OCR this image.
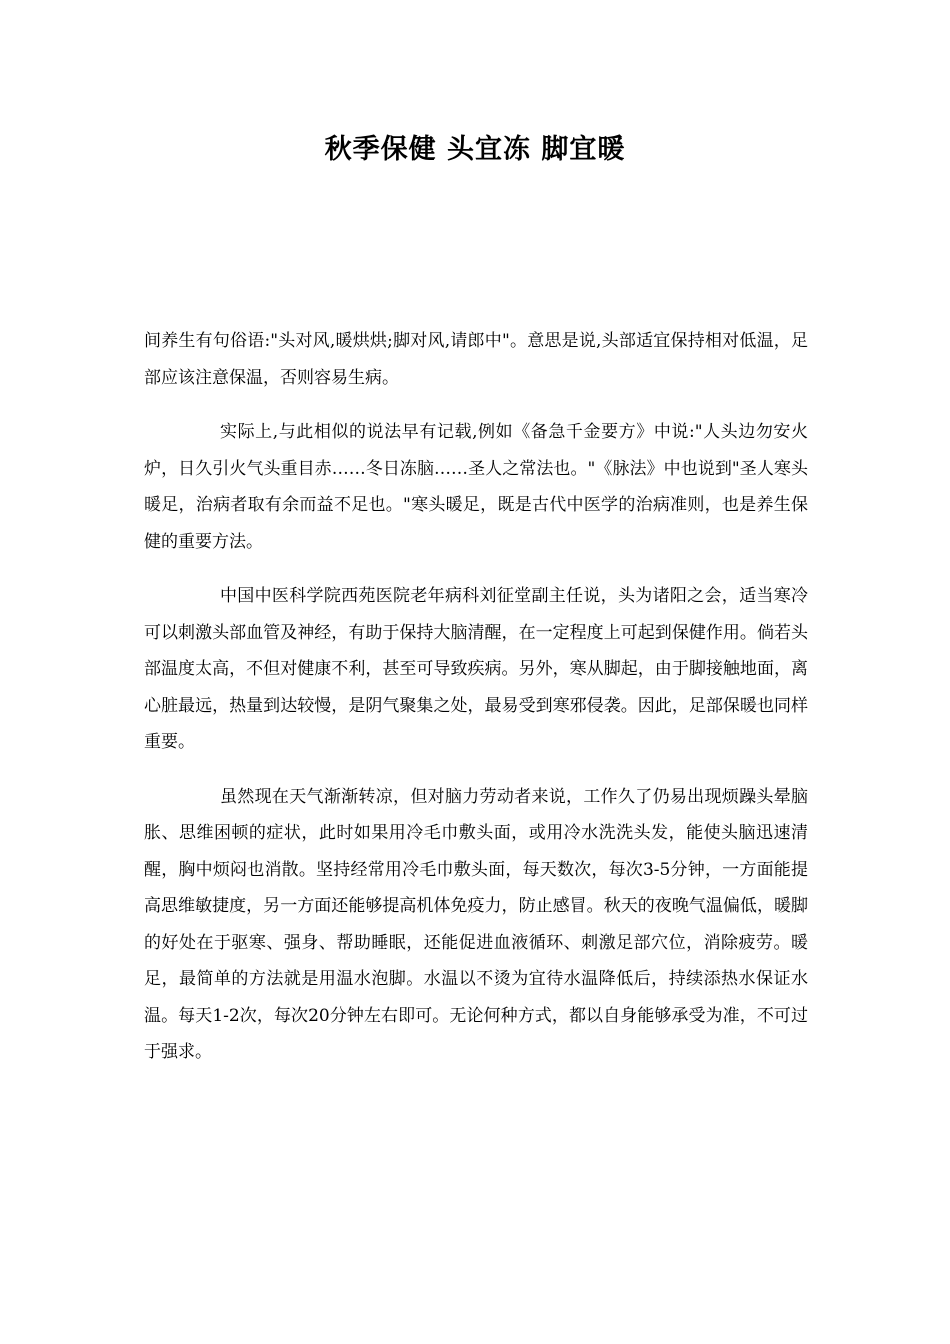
秋季保健 头宜冻 脚宜暖

间养生有句俗语:"头对风,暖烘烘;脚对风,请郎中"。意思是说,头部适宜保持相对低温，足部应该注意保温，否则容易生病。

实际上,与此相似的说法早有记载,例如《备急千金要方》中说:"人头边勿安火炉，日久引火气头重目赤……冬日冻脑……圣人之常法也。"《脉法》中也说到"圣人寒头暖足，治病者取有余而益不足也。"寒头暖足，既是古代中医学的治病准则，也是养生保健的重要方法。

中国中医科学院西苑医院老年病科刘征堂副主任说，头为诸阳之会，适当寒冷可以刺激头部血管及神经，有助于保持大脑清醒，在一定程度上可起到保健作用。倘若头部温度太高，不但对健康不利，甚至可导致疾病。另外，寒从脚起，由于脚接触地面，离心脏最远，热量到达较慢，是阴气聚集之处，最易受到寒邪侵袭。因此，足部保暖也同样重要。

虽然现在天气渐渐转凉，但对脑力劳动者来说，工作久了仍易出现烦躁头晕脑胀、思维困顿的症状，此时如果用冷毛巾敷头面，或用冷水洗洗头发，能使头脑迅速清醒，胸中烦闷也消散。坚持经常用冷毛巾敷头面，每天数次，每次3-5分钟，一方面能提高思维敏捷度，另一方面还能够提高机体免疫力，防止感冒。秋天的夜晚气温偏低，暖脚的好处在于驱寒、强身、帮助睡眠，还能促进血液循环、刺激足部穴位，消除疲劳。暖足，最简单的方法就是用温水泡脚。水温以不烫为宜待水温降低后，持续添热水保证水温。每天1-2次，每次20分钟左右即可。无论何种方式，都以自身能够承受为准，不可过于强求。
